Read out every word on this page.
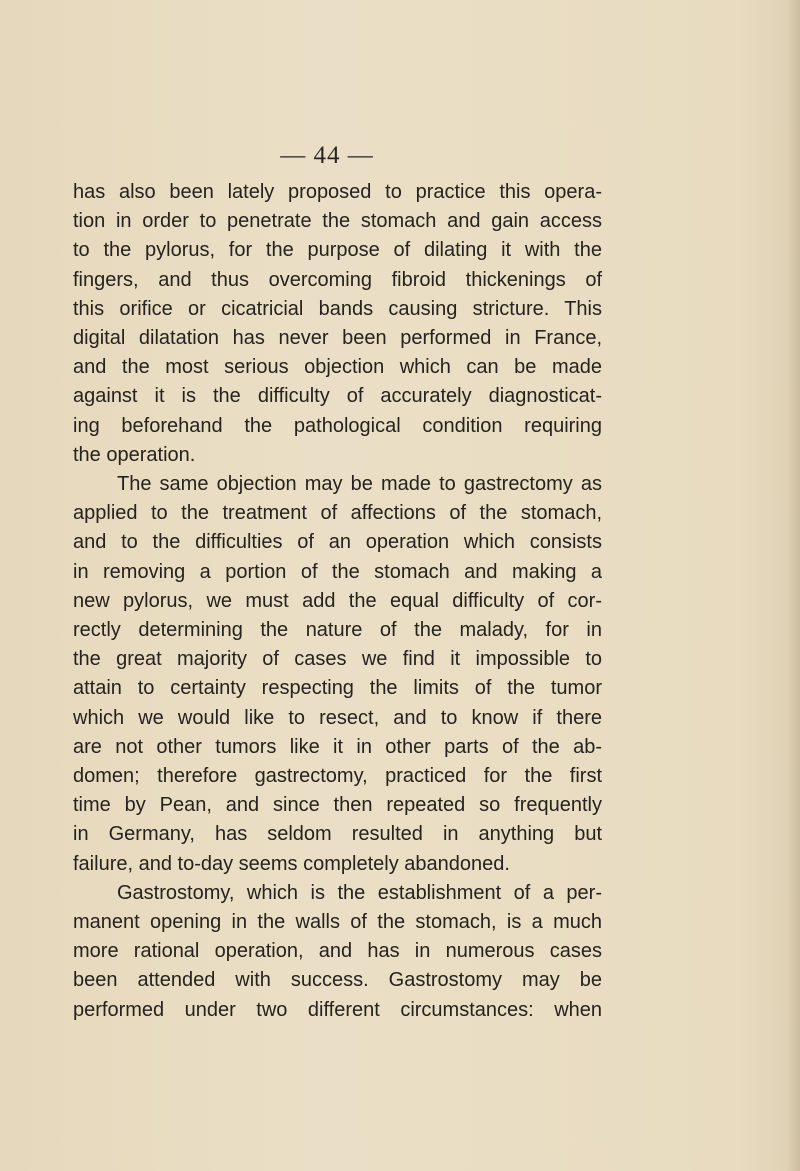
— 44 —

has also been lately proposed to practice this opera-
tion in order to penetrate the stomach and gain access
to the pylorus, for the purpose of dilating it with the
fingers, and thus overcoming fibroid thickenings of
this orifice or cicatricial bands causing stricture. This
digital dilatation has never been performed in France,
and the most serious objection which can be made
against it is the difficulty of accurately diagnosticat-
ing beforehand the pathological condition requiring
the operation.

The same objection may be made to gastrectomy as
applied to the treatment of affections of the stomach,
and to the difficulties of an operation which consists
in removing a portion of the stomach and making a
new pylorus, we must add the equal difficulty of cor-
rectly determining the nature of the malady, for in
the great majority of cases we find it impossible to
attain to certainty respecting the limits of the tumor
which we would like to resect, and to know if there
are not other tumors like it in other parts of the ab-
domen; therefore gastrectomy, practiced for the first
time by Pean, and since then repeated so frequently
in Germany, has seldom resulted in anything but
failure, and to-day seems completely abandoned.

Gastrostomy, which is the establishment of a per-
manent opening in the walls of the stomach, is a much
more rational operation, and has in numerous cases
been attended with success. Gastrostomy may be
performed under two different circumstances: when
